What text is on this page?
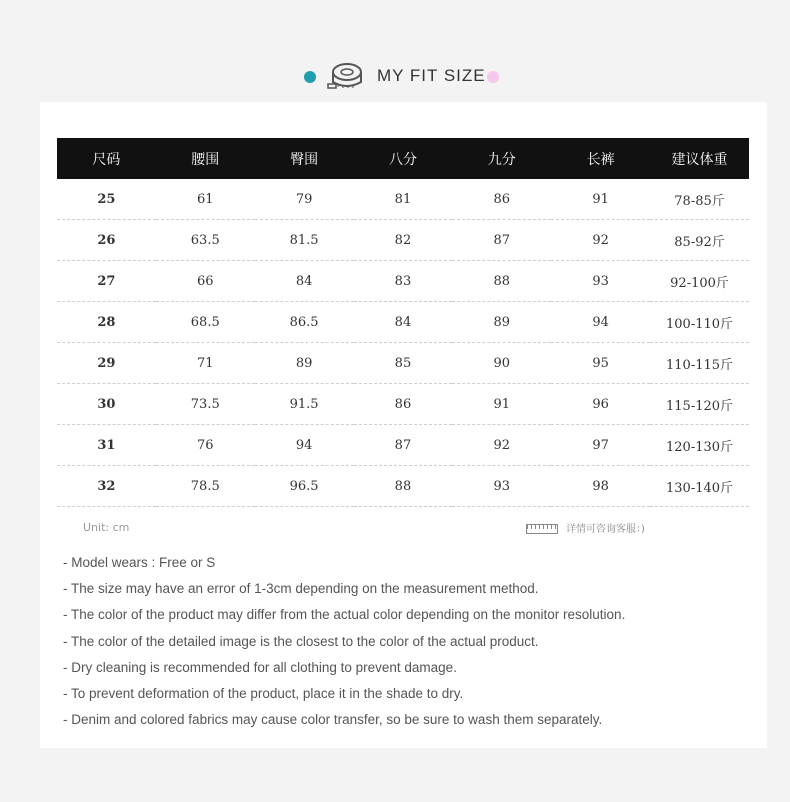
MY FIT SIZE
尺码	腰围	臀围	八分	九分	长裤	建议体重
25	61	79	81	86	91	78-85斤
26	63.5	81.5	82	87	92	85-92斤
27	66	84	83	88	93	92-100斤
28	68.5	86.5	84	89	94	100-110斤
29	71	89	85	90	95	110-115斤
30	73.5	91.5	86	91	96	115-120斤
31	76	94	87	92	97	120-130斤
32	78.5	96.5	88	93	98	130-140斤
Unit: cm	详情可咨询客服：)
- Model wears : Free or S
- The size may have an error of 1-3cm depending on the measurement method.
- The color of the product may differ from the actual color depending on the monitor resolution.
- The color of the detailed image is the closest to the color of the actual product.
- Dry cleaning is recommended for all clothing to prevent damage.
- To prevent deformation of the product, place it in the shade to dry.
- Denim and colored fabrics may cause color transfer, so be sure to wash them separately.
